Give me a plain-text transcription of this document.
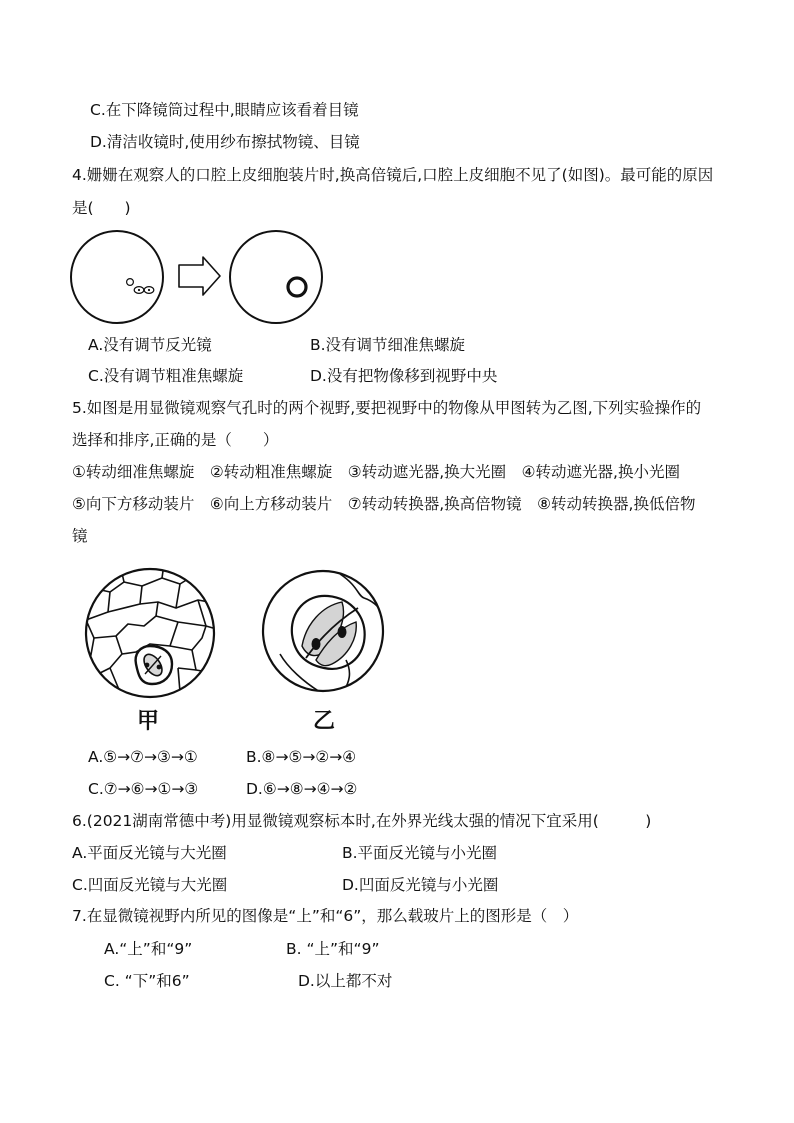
C.在下降镜筒过程中,眼睛应该看着目镜
D.清洁收镜时,使用纱布擦拭物镜、目镜
4.姗姗在观察人的口腔上皮细胞装片时,换高倍镜后,口腔上皮细胞不见了(如图)。最可能的原因
是(　　)
A.没有调节反光镜	B.没有调节细准焦螺旋
C.没有调节粗准焦螺旋	D.没有把物像移到视野中央
5.如图是用显微镜观察气孔时的两个视野,要把视野中的物像从甲图转为乙图,下列实验操作的
选择和排序,正确的是（　　）
①转动细准焦螺旋　②转动粗准焦螺旋　③转动遮光器,换大光圈　④转动遮光器,换小光圈
⑤向下方移动装片　⑥向上方移动装片　⑦转动转换器,换高倍物镜　⑧转动转换器,换低倍物
镜
甲	乙
A.⑤→⑦→③→①	B.⑧→⑤→②→④
C.⑦→⑥→①→③	D.⑥→⑧→④→②
6.(2021湖南常德中考)用显微镜观察标本时,在外界光线太强的情况下宜采用(　　　)
A.平面反光镜与大光圈	B.平面反光镜与小光圈
C.凹面反光镜与大光圈	D.凹面反光镜与小光圈
7.在显微镜视野内所见的图像是“上”和“6”，那么载玻片上的图形是（　）
A.“上”和“9”	B. “上”和“9”
C. “下”和6”	D.以上都不对
